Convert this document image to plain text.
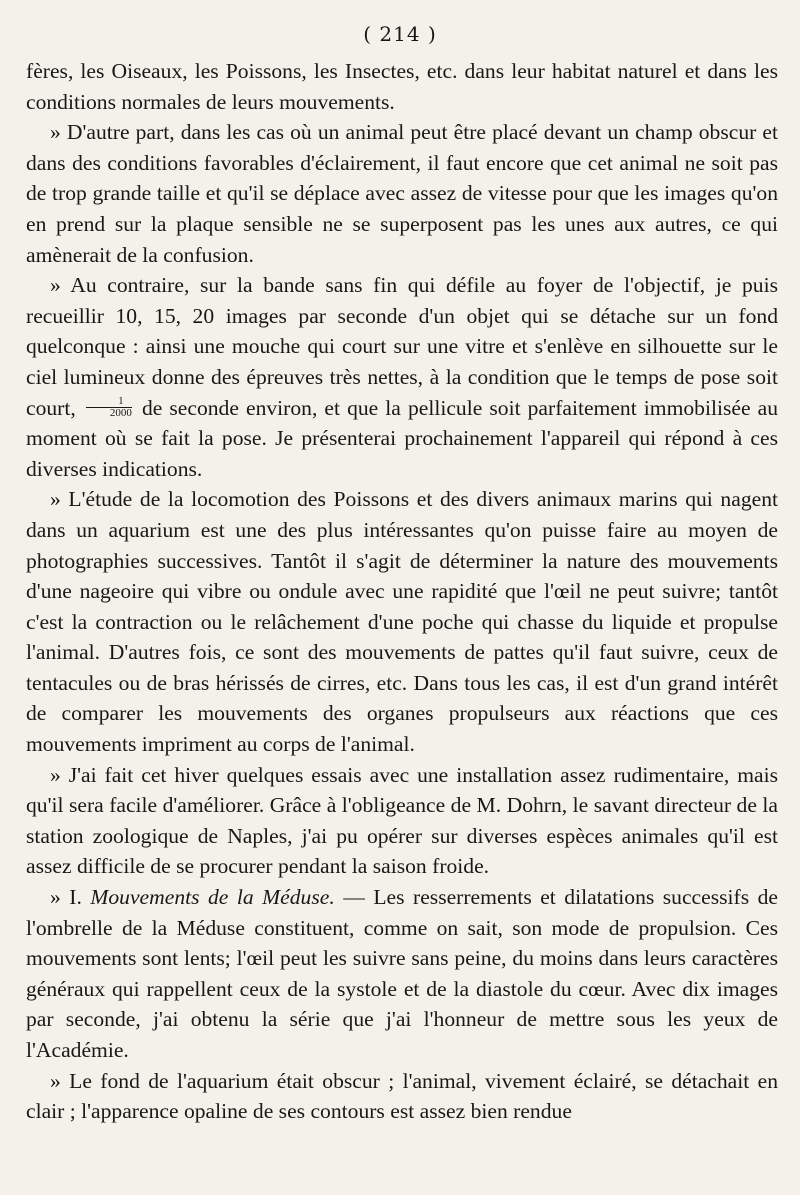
( 214 )

fères, les Oiseaux, les Poissons, les Insectes, etc. dans leur habitat naturel et dans les conditions normales de leurs mouvements.

» D'autre part, dans les cas où un animal peut être placé devant un champ obscur et dans des conditions favorables d'éclairement, il faut encore que cet animal ne soit pas de trop grande taille et qu'il se déplace avec assez de vitesse pour que les images qu'on en prend sur la plaque sensible ne se superposent pas les unes aux autres, ce qui amènerait de la confusion.

» Au contraire, sur la bande sans fin qui défile au foyer de l'objectif, je puis recueillir 10, 15, 20 images par seconde d'un objet qui se détache sur un fond quelconque : ainsi une mouche qui court sur une vitre et s'enlève en silhouette sur le ciel lumineux donne des épreuves très nettes, à la condition que le temps de pose soit court, $\frac{1}{2000}$ de seconde environ, et que la pellicule soit parfaitement immobilisée au moment où se fait la pose. Je présenterai prochainement l'appareil qui répond à ces diverses indications.

» L'étude de la locomotion des Poissons et des divers animaux marins qui nagent dans un aquarium est une des plus intéressantes qu'on puisse faire au moyen de photographies successives. Tantôt il s'agit de déterminer la nature des mouvements d'une nageoire qui vibre ou ondule avec une rapidité que l'œil ne peut suivre; tantôt c'est la contraction ou le relâchement d'une poche qui chasse du liquide et propulse l'animal. D'autres fois, ce sont des mouvements de pattes qu'il faut suivre, ceux de tentacules ou de bras hérissés de cirres, etc. Dans tous les cas, il est d'un grand intérêt de comparer les mouvements des organes propulseurs aux réactions que ces mouvements impriment au corps de l'animal.

» J'ai fait cet hiver quelques essais avec une installation assez rudimentaire, mais qu'il sera facile d'améliorer. Grâce à l'obligeance de M. Dohrn, le savant directeur de la station zoologique de Naples, j'ai pu opérer sur diverses espèces animales qu'il est assez difficile de se procurer pendant la saison froide.

» I. Mouvements de la Méduse. — Les resserrements et dilatations successifs de l'ombrelle de la Méduse constituent, comme on sait, son mode de propulsion. Ces mouvements sont lents; l'œil peut les suivre sans peine, du moins dans leurs caractères généraux qui rappellent ceux de la systole et de la diastole du cœur. Avec dix images par seconde, j'ai obtenu la série que j'ai l'honneur de mettre sous les yeux de l'Académie.

» Le fond de l'aquarium était obscur ; l'animal, vivement éclairé, se détachait en clair ; l'apparence opaline de ses contours est assez bien rendue
